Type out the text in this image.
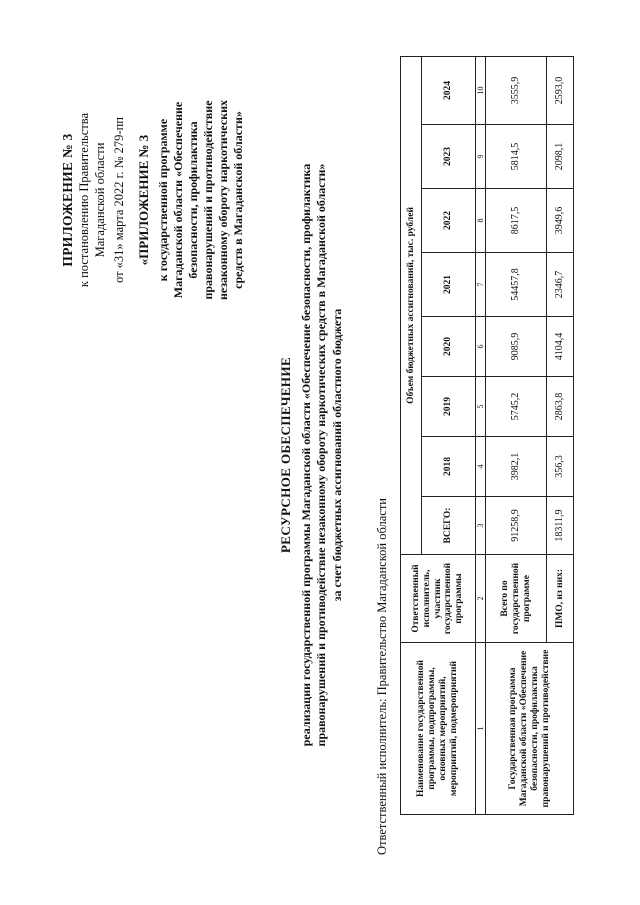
ПРИЛОЖЕНИЕ № 3 к постановлению Правительства Магаданской области от «31» марта 2022 г. № 279-пп «ПРИЛОЖЕНИЕ № 3 к государственной программе Магаданской области «Обеспечение безопасности, профилактика правонарушений и противодействие незаконному обороту наркотических средств в Магаданской области»
РЕСУРСНОЕ ОБЕСПЕЧЕНИЕ реализации государственной программы Магаданской области «Обеспечение безопасности, профилактика правонарушений и противодействие незаконному обороту наркотических средств в Магаданской области» за счет бюджетных ассигнований областного бюджета
Ответственный исполнитель: Правительство Магаданской области	Наименование государственной программы, подпрограммы, основных мероприятий, мероприятий, подмероприятий	Ответственный исполнитель, участник государственной программы	Объем бюджетных ассигнований, тыс. рублей							
		ВСЕГО:	2018	2019	2020	2021	2022	2023	2024
1	2	3	4	5	6	7	8	9	10
Государственная программа Магаданской области «Обеспечение безопасности, профилактика правонарушений и противодействие	Всего по государственной программе	91258,9	3982,1	5745,2	9085,9	54457,8	8617,5	5814,5	3555,9
	ПМО, из них:	18311,9	356,3	2863,8	4104,4	2346,7	3949,6	2098,1	2593,0
